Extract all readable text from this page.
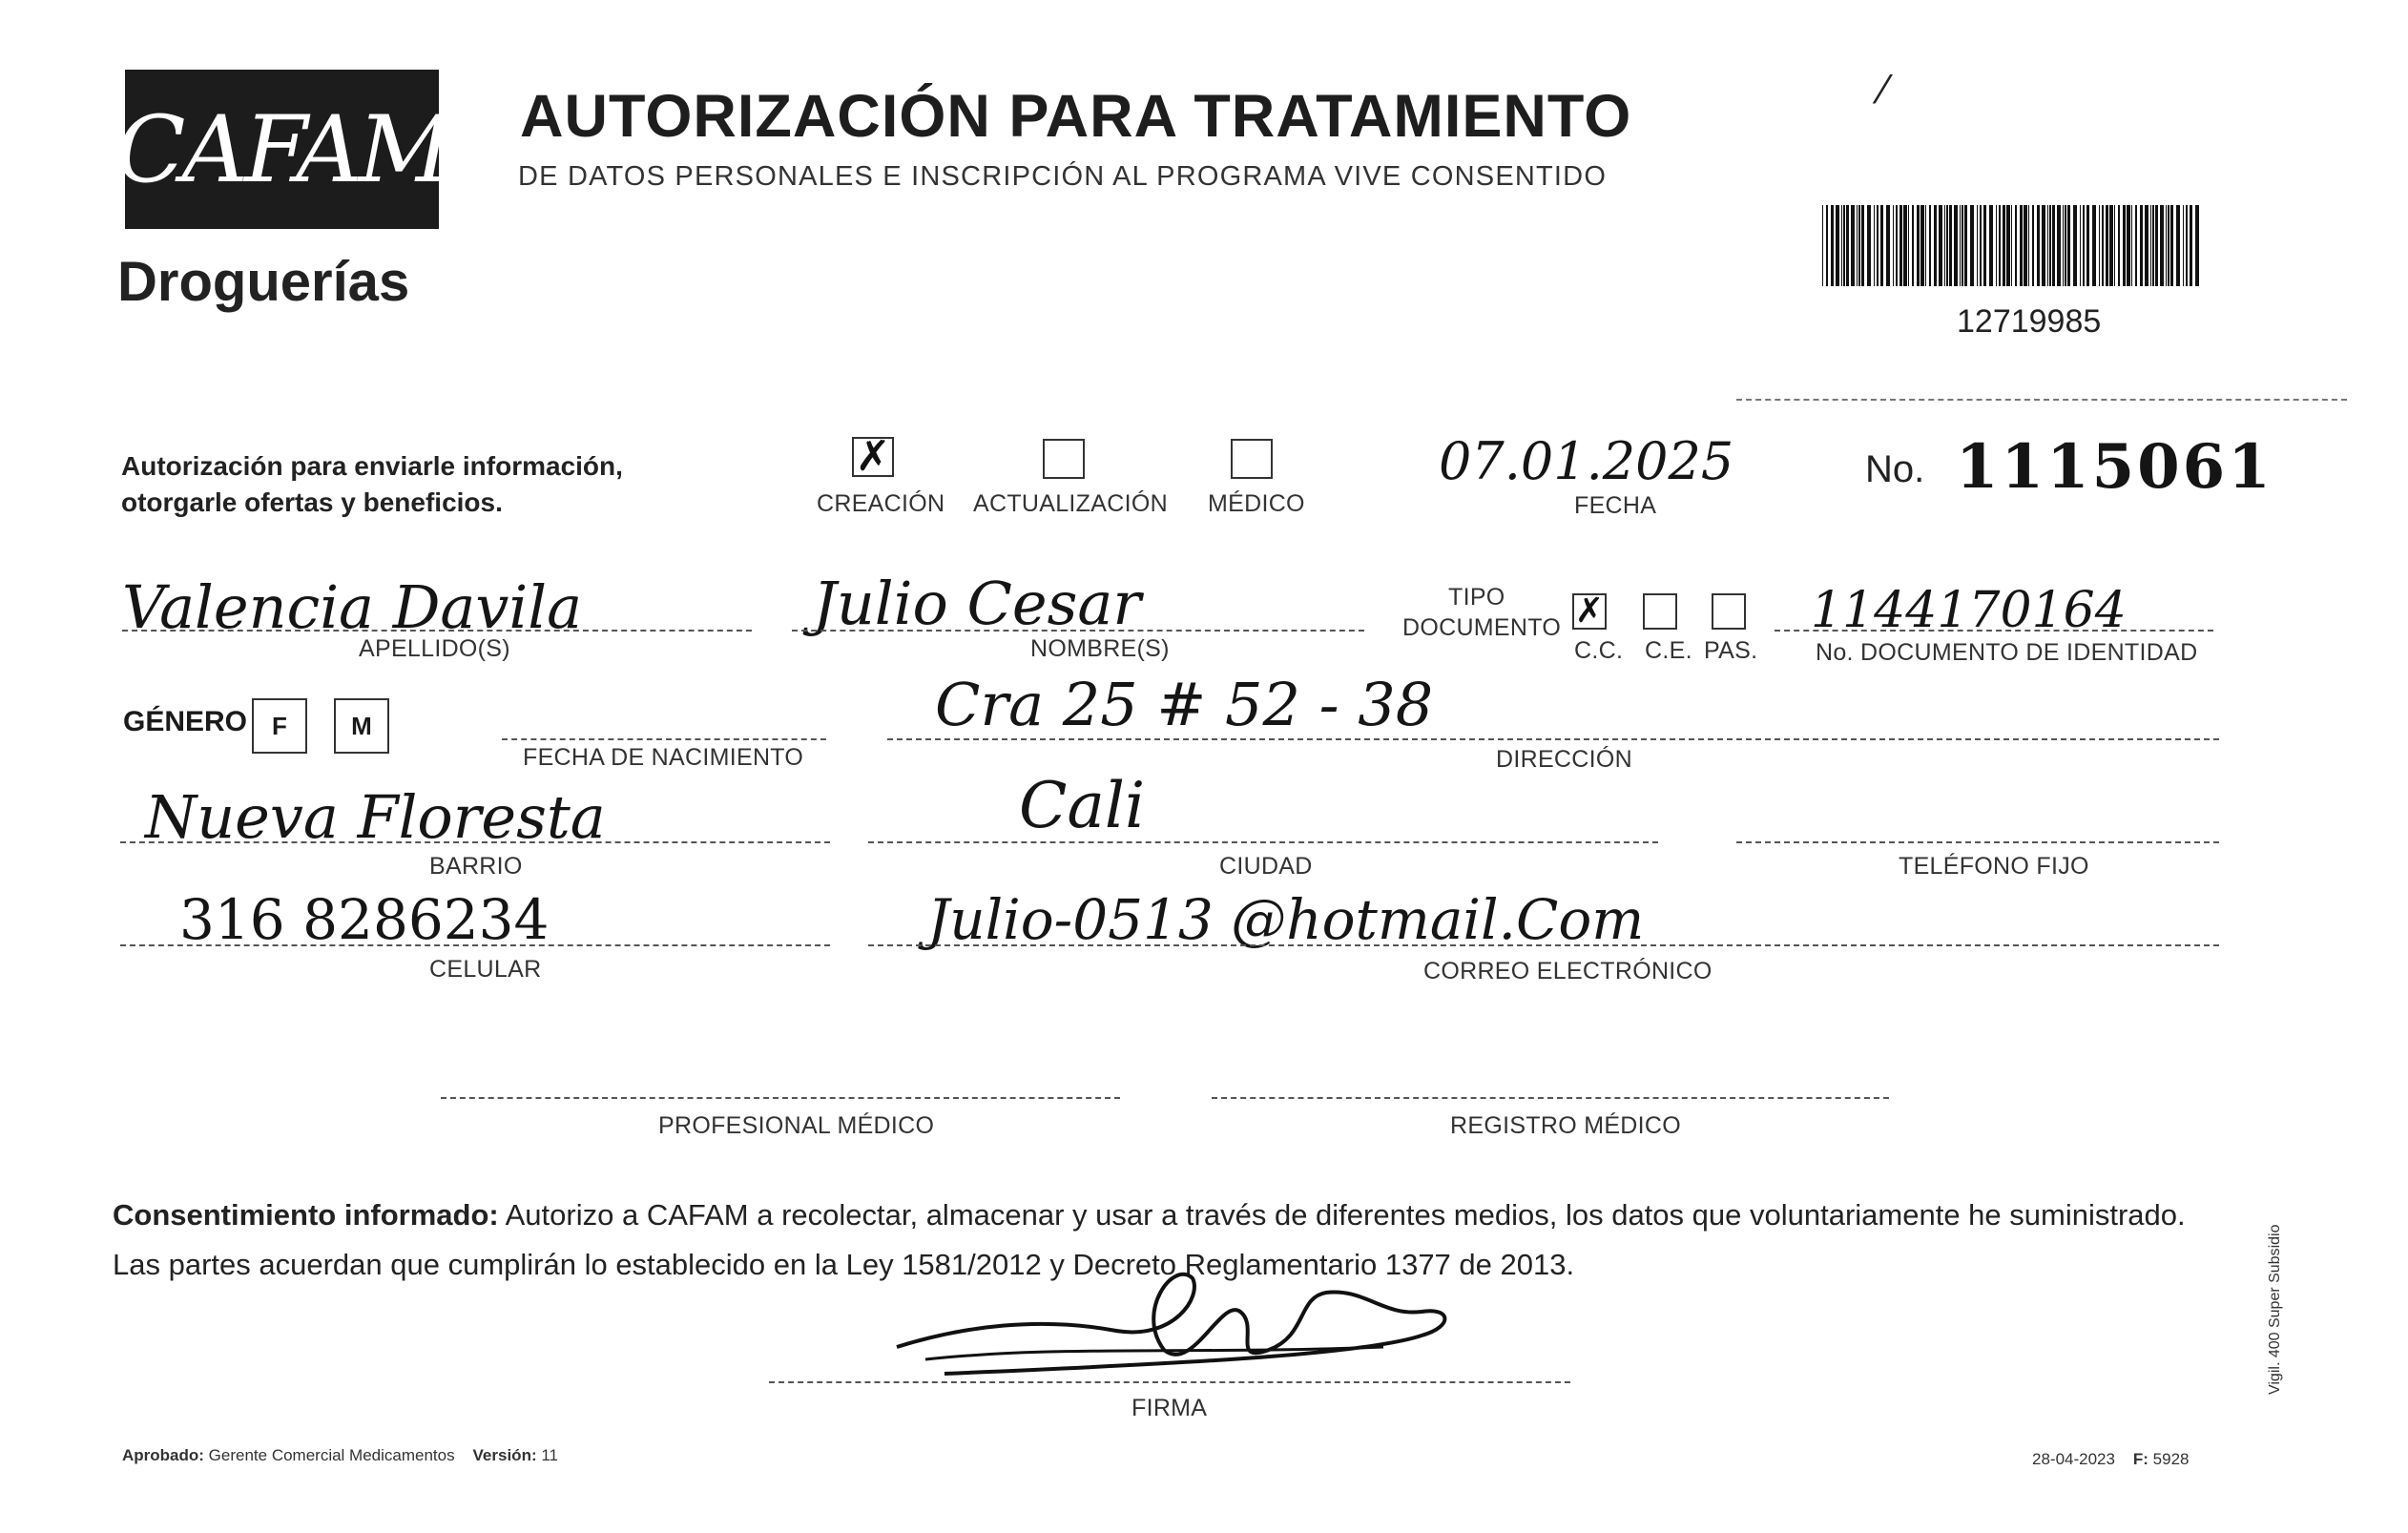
CAFAM
Droguerías
AUTORIZACIÓN PARA TRATAMIENTO
DE DATOS PERSONALES E INSCRIPCIÓN AL PROGRAMA VIVE CONSENTIDO
⁄
12719985
Autorización para enviarle información,
otorgarle ofertas y beneficios.
✗
CREACIÓN ACTUALIZACIÓN MÉDICO
07.01.2025
FECHA
No. 1115061
Valencia Davila
APELLIDO(S)
Julio Cesar
NOMBRE(S)
TIPO
DOCUMENTO ✗
C.C. C.E. PAS.
1144170164
No. DOCUMENTO DE IDENTIDAD
GÉNERO	F	M
FECHA DE NACIMIENTO
Cra 25 # 52 - 38
DIRECCIÓN
Nueva Floresta
BARRIO
Cali
CIUDAD	TELÉFONO FIJO
316 8286234
CELULAR
Julio-0513 @hotmail.Com
CORREO ELECTRÓNICO
PROFESIONAL MÉDICO	REGISTRO MÉDICO
Consentimiento informado: Autorizo a CAFAM a recolectar, almacenar y usar a través de diferentes medios, los datos que voluntariamente he suministrado.
Las partes acuerdan que cumplirán lo establecido en la Ley 1581/2012 y Decreto Reglamentario 1377 de 2013.
FIRMA
Aprobado: Gerente Comercial Medicamentos Versión: 11	28-04-2023 F: 5928
Vigil. 400 Super Subsidio
